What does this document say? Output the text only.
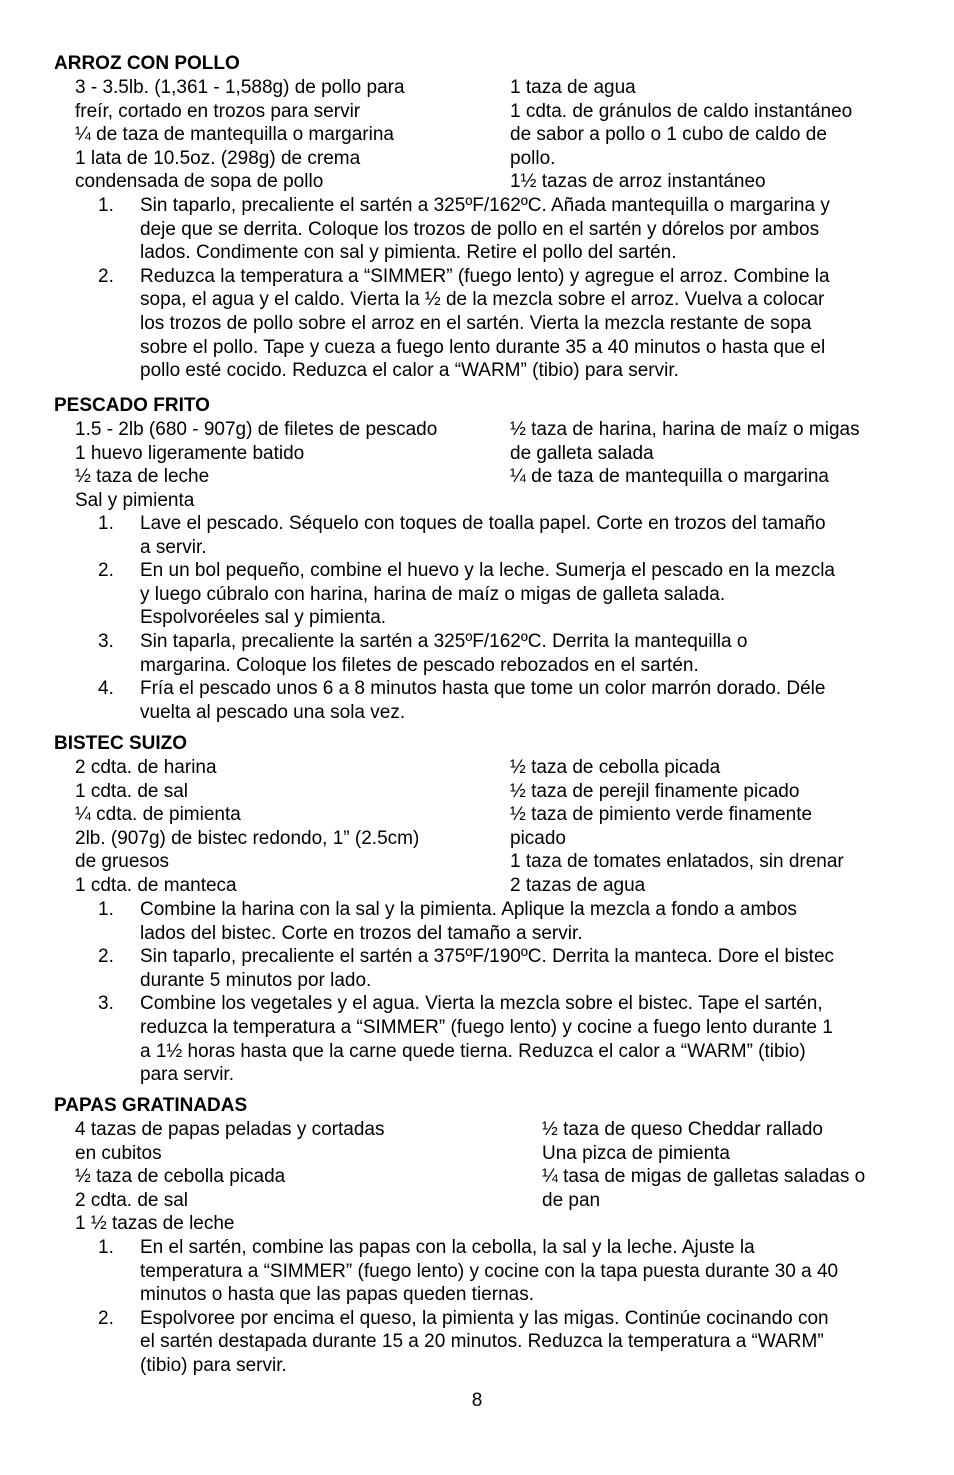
ARROZ CON POLLO
3 - 3.5lb. (1,361 - 1,588g) de pollo para
freír, cortado en trozos para servir
¼ de taza de mantequilla o margarina
1 lata de 10.5oz. (298g) de crema
condensada de sopa de pollo
1 taza de agua
1 cdta. de gránulos de caldo instantáneo
de sabor a pollo o 1 cubo de caldo de
pollo.
1½ tazas de arroz instantáneo
1. Sin taparlo, precaliente el sartén a 325ºF/162ºC. Añada mantequilla o margarina y
deje que se derrita. Coloque los trozos de pollo en el sartén y dórelos por ambos
lados. Condimente con sal y pimienta. Retire el pollo del sartén.
2. Reduzca la temperatura a “SIMMER” (fuego lento) y agregue el arroz. Combine la
sopa, el agua y el caldo. Vierta la ½ de la mezcla sobre el arroz. Vuelva a colocar
los trozos de pollo sobre el arroz en el sartén. Vierta la mezcla restante de sopa
sobre el pollo. Tape y cueza a fuego lento durante 35 a 40 minutos o hasta que el
pollo esté cocido. Reduzca el calor a “WARM” (tibio) para servir.
PESCADO FRITO
1.5 - 2lb (680 - 907g) de filetes de pescado
1 huevo ligeramente batido
½ taza de leche
Sal y pimienta
½ taza de harina, harina de maíz o migas
de galleta salada
¼ de taza de mantequilla o margarina
1. Lave el pescado. Séquelo con toques de toalla papel. Corte en trozos del tamaño
a servir.
2. En un bol pequeño, combine el huevo y la leche. Sumerja el pescado en la mezcla
y luego cúbralo con harina, harina de maíz o migas de galleta salada.
Espolvoréeles sal y pimienta.
3. Sin taparla, precaliente la sartén a 325ºF/162ºC. Derrita la mantequilla o
margarina. Coloque los filetes de pescado rebozados en el sartén.
4. Fría el pescado unos 6 a 8 minutos hasta que tome un color marrón dorado. Déle
vuelta al pescado una sola vez.
BISTEC SUIZO
2 cdta. de harina
1 cdta. de sal
¼ cdta. de pimienta
2lb. (907g) de bistec redondo, 1” (2.5cm)
de gruesos
1 cdta. de manteca
½ taza de cebolla picada
½ taza de perejil finamente picado
½ taza de pimiento verde finamente
picado
1 taza de tomates enlatados, sin drenar
2 tazas de agua
1. Combine la harina con la sal y la pimienta. Aplique la mezcla a fondo a ambos
lados del bistec. Corte en trozos del tamaño a servir.
2. Sin taparlo, precaliente el sartén a 375ºF/190ºC. Derrita la manteca. Dore el bistec
durante 5 minutos por lado.
3. Combine los vegetales y el agua. Vierta la mezcla sobre el bistec. Tape el sartén,
reduzca la temperatura a “SIMMER” (fuego lento) y cocine a fuego lento durante 1
a 1½ horas hasta que la carne quede tierna. Reduzca el calor a “WARM” (tibio)
para servir.
PAPAS GRATINADAS
4 tazas de papas peladas y cortadas
en cubitos
½ taza de cebolla picada
2 cdta. de sal
1 ½ tazas de leche
½ taza de queso Cheddar rallado
Una pizca de pimienta
¼ tasa de migas de galletas saladas o
de pan
1. En el sartén, combine las papas con la cebolla, la sal y la leche. Ajuste la
temperatura a “SIMMER” (fuego lento) y cocine con la tapa puesta durante 30 a 40
minutos o hasta que las papas queden tiernas.
2. Espolvoree por encima el queso, la pimienta y las migas. Continúe cocinando con
el sartén destapada durante 15 a 20 minutos. Reduzca la temperatura a “WARM”
(tibio) para servir.
8
